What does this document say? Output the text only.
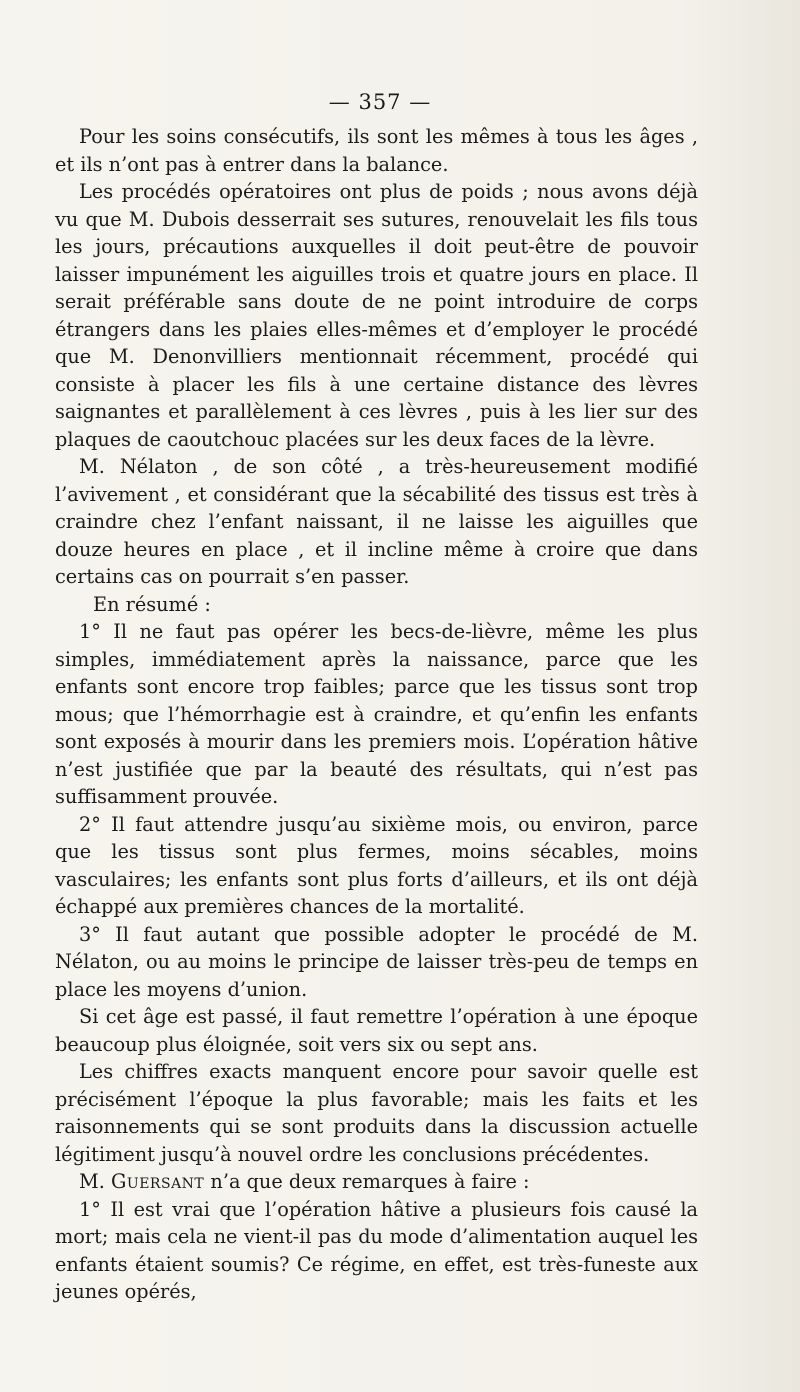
— 357 —

Pour les soins consécutifs, ils sont les mêmes à tous les âges , et ils n’ont pas à entrer dans la balance.

Les procédés opératoires ont plus de poids ; nous avons déjà vu que M. Dubois desserrait ses sutures, renouvelait les fils tous les jours, précautions auxquelles il doit peut-être de pouvoir laisser impunément les aiguilles trois et quatre jours en place. Il serait préférable sans doute de ne point introduire de corps étrangers dans les plaies elles-mêmes et d’employer le procédé que M. Denonvilliers mentionnait récemment, procédé qui consiste à placer les fils à une certaine distance des lèvres saignantes et parallèlement à ces lèvres , puis à les lier sur des plaques de caoutchouc placées sur les deux faces de la lèvre.

M. Nélaton , de son côté , a très-heureusement modifié l’avivement , et considérant que la sécabilité des tissus est très à craindre chez l’enfant naissant, il ne laisse les aiguilles que douze heures en place , et il incline même à croire que dans certains cas on pourrait s’en passer.

En résumé :

1° Il ne faut pas opérer les becs-de-lièvre, même les plus simples, immédiatement après la naissance, parce que les enfants sont encore trop faibles; parce que les tissus sont trop mous; que l’hémorrhagie est à craindre, et qu’enfin les enfants sont exposés à mourir dans les premiers mois. L’opération hâtive n’est justifiée que par la beauté des résultats, qui n’est pas suffisamment prouvée.

2° Il faut attendre jusqu’au sixième mois, ou environ, parce que les tissus sont plus fermes, moins sécables, moins vasculaires; les enfants sont plus forts d’ailleurs, et ils ont déjà échappé aux premières chances de la mortalité.

3° Il faut autant que possible adopter le procédé de M. Nélaton, ou au moins le principe de laisser très-peu de temps en place les moyens d’union.

Si cet âge est passé, il faut remettre l’opération à une époque beaucoup plus éloignée, soit vers six ou sept ans.

Les chiffres exacts manquent encore pour savoir quelle est précisément l’époque la plus favorable; mais les faits et les raisonnements qui se sont produits dans la discussion actuelle légitiment jusqu’à nouvel ordre les conclusions précédentes.

M. Guersant n’a que deux remarques à faire :

1° Il est vrai que l’opération hâtive a plusieurs fois causé la mort; mais cela ne vient-il pas du mode d’alimentation auquel les enfants étaient soumis? Ce régime, en effet, est très-funeste aux jeunes opérés,
